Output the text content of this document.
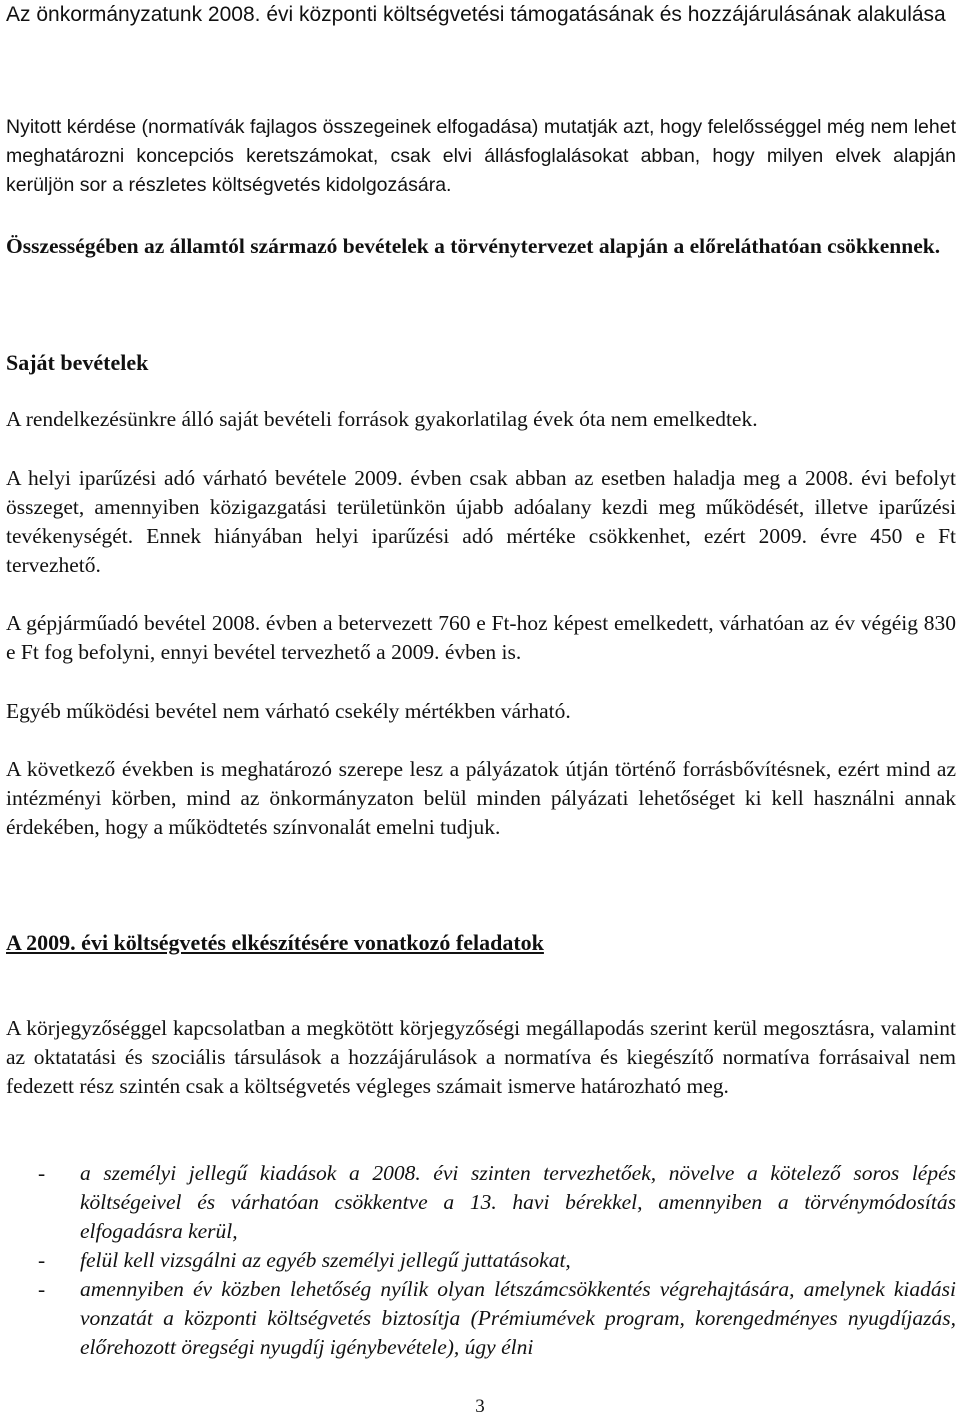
Az önkormányzatunk 2008. évi központi költségvetési támogatásának és hozzájárulásának alakulása

Nyitott kérdése (normatívák fajlagos összegeinek elfogadása) mutatják azt, hogy felelősséggel még nem lehet meghatározni koncepciós keretszámokat, csak elvi állásfoglalásokat abban, hogy milyen elvek alapján kerüljön sor a részletes költségvetés kidolgozására.

Összességében az államtól származó bevételek a törvénytervezet alapján a előreláthatóan csökkennek.

Saját bevételek

A rendelkezésünkre álló saját bevételi források gyakorlatilag évek óta nem emelkedtek.

A helyi iparűzési adó várható bevétele 2009. évben csak abban az esetben haladja meg a 2008. évi befolyt összeget, amennyiben közigazgatási területünkön újabb adóalany kezdi meg működését, illetve iparűzési tevékenységét. Ennek hiányában helyi iparűzési adó mértéke csökkenhet, ezért 2009. évre 450 e Ft tervezhető.

A gépjárműadó bevétel 2008. évben a betervezett 760 e Ft-hoz képest emelkedett, várhatóan az év végéig 830 e Ft fog befolyni, ennyi bevétel tervezhető a 2009. évben is.

Egyéb működési bevétel nem várható csekély mértékben várható.

A következő években is meghatározó szerepe lesz a pályázatok útján történő forrásbővítésnek, ezért mind az intézményi körben, mind az önkormányzaton belül minden pályázati lehetőséget ki kell használni annak érdekében, hogy a működtetés színvonalát emelni tudjuk.

A 2009. évi költségvetés elkészítésére vonatkozó feladatok

A körjegyzőséggel kapcsolatban a megkötött körjegyzőségi megállapodás szerint kerül megosztásra, valamint az oktatatási és szociális társulások a hozzájárulások a normatíva és kiegészítő normatíva forrásaival nem fedezett rész szintén csak a költségvetés végleges számait ismerve határozható meg.

- a személyi jellegű kiadások a 2008. évi szinten tervezhetőek, növelve a kötelező soros lépés költségeivel és várhatóan csökkentve a 13. havi bérekkel, amennyiben a törvénymódosítás elfogadásra kerül,
- felül kell vizsgálni az egyéb személyi jellegű juttatásokat,
- amennyiben év közben lehetőség nyílik olyan létszámcsökkentés végrehajtására, amelynek kiadási vonzatát a központi költségvetés biztosítja (Prémiumévek program, korengedményes nyugdíjazás, előrehozott öregségi nyugdíj igénybevétele), úgy élni
3
